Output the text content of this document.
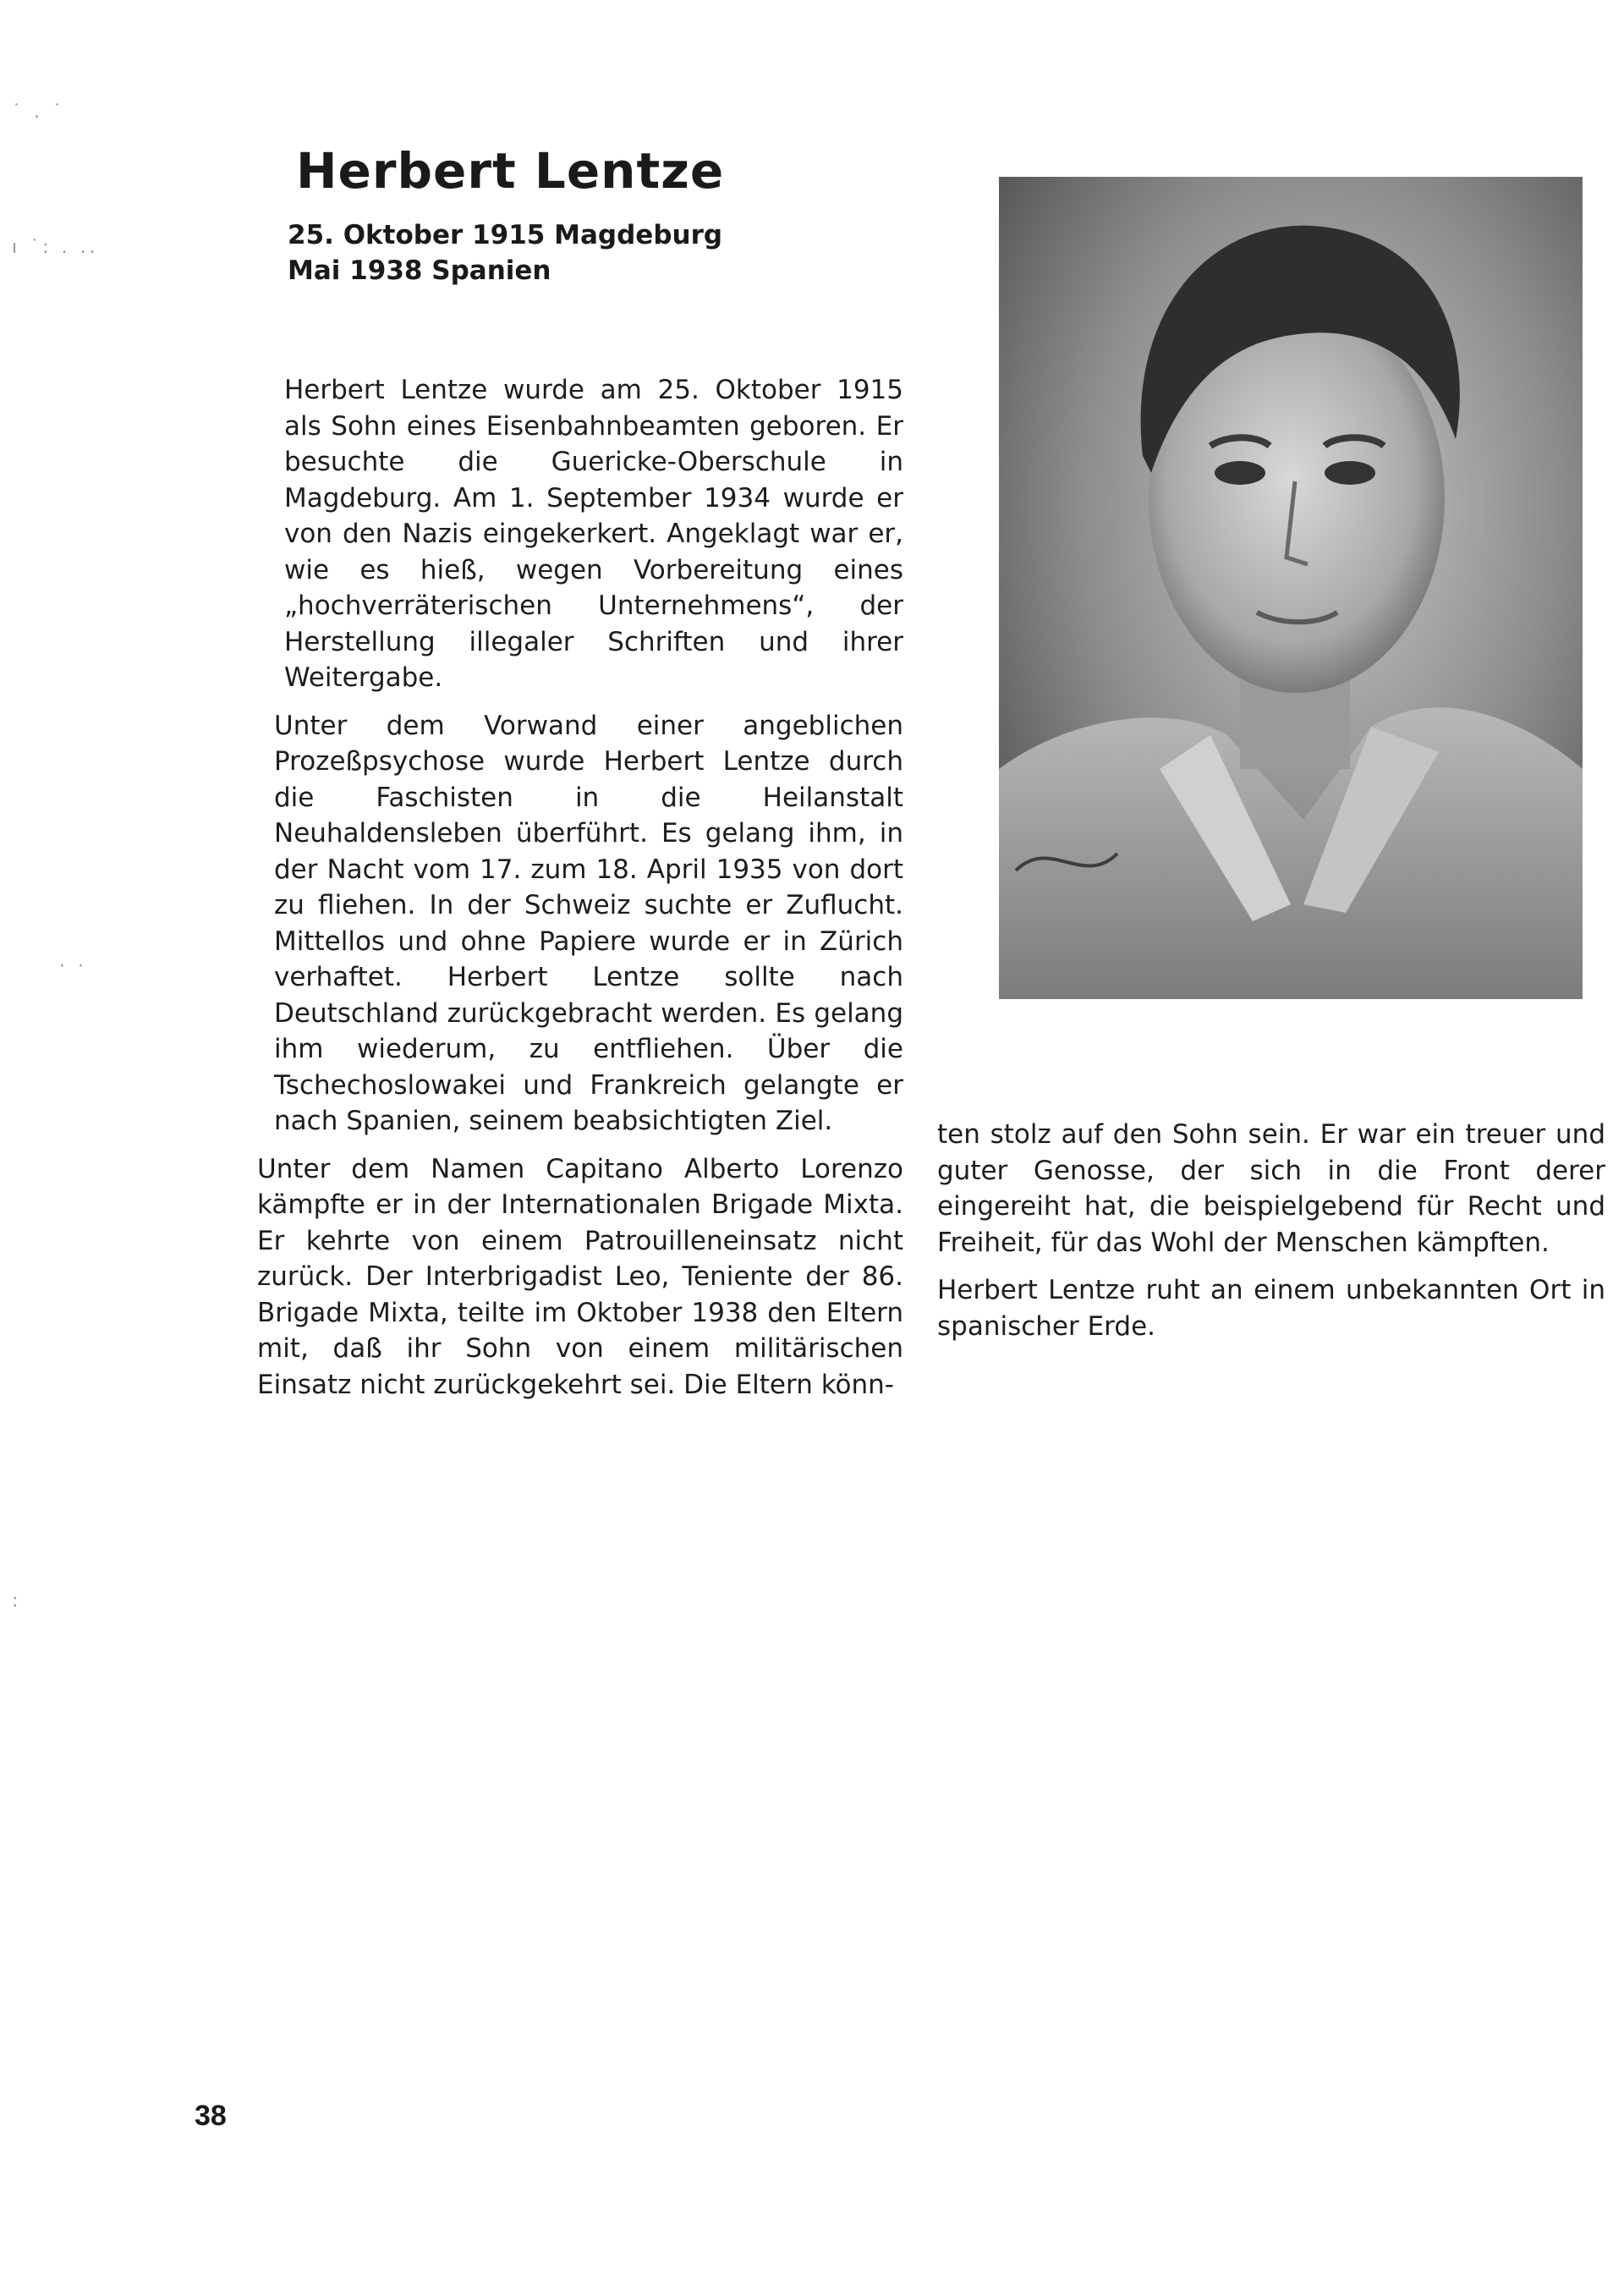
˙ . ˙
ı ˙: . ..
· ·
:
Herbert Lentze
25. Oktober 1915 Magdeburg
Mai 1938 Spanien

Herbert Lentze wurde am 25. Oktober 1915 als Sohn eines Eisenbahnbeamten geboren. Er besuchte die Guericke-Oberschule in Magdeburg. Am 1. September 1934 wurde er von den Nazis eingekerkert. Angeklagt war er, wie es hieß, wegen Vorbereitung eines „hochverräterischen Unternehmens“, der Herstellung illegaler Schriften und ihrer Weitergabe.

Unter dem Vorwand einer angeblichen Prozeßpsychose wurde Herbert Lentze durch die Faschisten in die Heilanstalt Neuhaldensleben überführt. Es gelang ihm, in der Nacht vom 17. zum 18. April 1935 von dort zu fliehen. In der Schweiz suchte er Zuflucht. Mittellos und ohne Papiere wurde er in Zürich verhaftet. Herbert Lentze sollte nach Deutschland zurückgebracht werden. Es gelang ihm wiederum, zu entfliehen. Über die Tschechoslowakei und Frankreich gelangte er nach Spanien, seinem beabsichtigten Ziel.

Unter dem Namen Capitano Alberto Lorenzo kämpfte er in der Internationalen Brigade Mixta. Er kehrte von einem Patrouilleneinsatz nicht zurück. Der Interbrigadist Leo, Teniente der 86. Brigade Mixta, teilte im Oktober 1938 den Eltern mit, daß ihr Sohn von einem militärischen Einsatz nicht zurückgekehrt sei. Die Eltern könn-

ten stolz auf den Sohn sein. Er war ein treuer und guter Genosse, der sich in die Front derer eingereiht hat, die beispielgebend für Recht und Freiheit, für das Wohl der Menschen kämpften.

Herbert Lentze ruht an einem unbekannten Ort in spanischer Erde.

38
